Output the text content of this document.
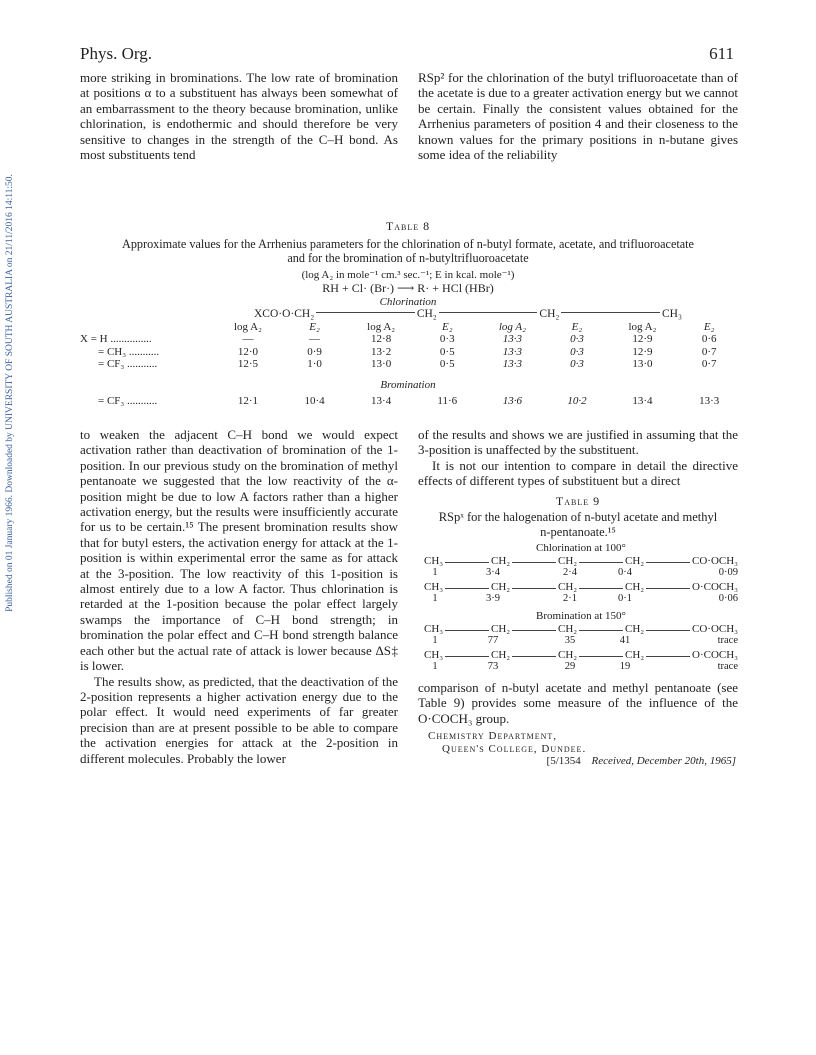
Published on 01 January 1966. Downloaded by UNIVERSITY OF SOUTH AUSTRALIA on 21/11/2016 14:11:50.
Phys. Org.	611

more striking in brominations. The low rate of bromination at positions α to a substituent has always been somewhat of an embarrassment to the theory because bromination, unlike chlorination, is endothermic and should therefore be very sensitive to changes in the strength of the C–H bond. As most substituents tend

RSp² for the chlorination of the butyl trifluoroacetate than of the acetate is due to a greater activation energy but we cannot be certain. Finally the consistent values obtained for the Arrhenius parameters of position 4 and their closeness to the known values for the primary positions in n-butane gives some idea of the reliability

Table 8
Approximate values for the Arrhenius parameters for the chlorination of n-butyl formate, acetate, and trifluoroacetate
and for the bromination of n-butyltrifluoroacetate
(log A₂ in mole⁻¹ cm.³ sec.⁻¹; E in kcal. mole⁻¹)
RH + Cl· (Br·) ⟶ R· + HCl (HBr)
Chlorination								

	XCO·O·CH₂ CH₂ CH₂ CH₃							

	log A₂	E₂	log A₂	E₂	log A₂	E₂	log A₂	E₂
X = H ...............	—	—	12·8	0·3	13·3	0·3	12·9	0·6
= CH₃ ...........	12·0	0·9	13·2	0·5	13·3	0·3	12·9	0·7
= CF₃ ...........	12·5	1·0	13·0	0·5	13·3	0·3	13·0	0·7

Bromination								

= CF₃ ...........	12·1	10·4	13·4	11·6	13·6	10·2	13·4	13·3

to weaken the adjacent C–H bond we would expect activation rather than deactivation of bromination of the 1-position. In our previous study on the bromination of methyl pentanoate we suggested that the low reactivity of the α-position might be due to low A factors rather than a higher activation energy, but the results were insufficiently accurate for us to be certain.¹⁵ The present bromination results show that for butyl esters, the activation energy for attack at the 1-position is within experimental error the same as for attack at the 3-position. The low reactivity of this 1-position is almost entirely due to a low A factor. Thus chlorination is retarded at the 1-position because the polar effect largely swamps the importance of C–H bond strength; in bromination the polar effect and C–H bond strength balance each other but the actual rate of attack is lower because ΔS‡ is lower.

The results show, as predicted, that the deactivation of the 2-position represents a higher activation energy due to the polar effect. It would need experiments of far greater precision than are at present possible to be able to compare the activation energies for attack at the 2-position in different molecules. Probably the lower

of the results and shows we are justified in assuming that the 3-position is unaffected by the substituent.

It is not our intention to compare in detail the directive effects of different types of substituent but a direct

Table 9
RSpˣ for the halogenation of n-butyl acetate and methyl
n-pentanoate.¹⁵
Chlorination at 100°
CH₃	CH₂	CH₂	CH₂	CO·OCH₃
1	3·4	2·4	0·4	0·09
CH₃	CH₂	CH₂	CH₂	O·COCH₃
1	3·9	2·1	0·1	0·06
Bromination at 150°
CH₃	CH₂	CH₂	CH₂	CO·OCH₃
1	77	35	41	trace
CH₃	CH₂	CH₂	CH₂	O·COCH₃
1	73	29	19	trace

comparison of n-butyl acetate and methyl pentanoate (see Table 9) provides some measure of the influence of the O·COCH₃ group.

Chemistry Department,
Queen's College, Dundee.
[5/1354 Received, December 20th, 1965]
